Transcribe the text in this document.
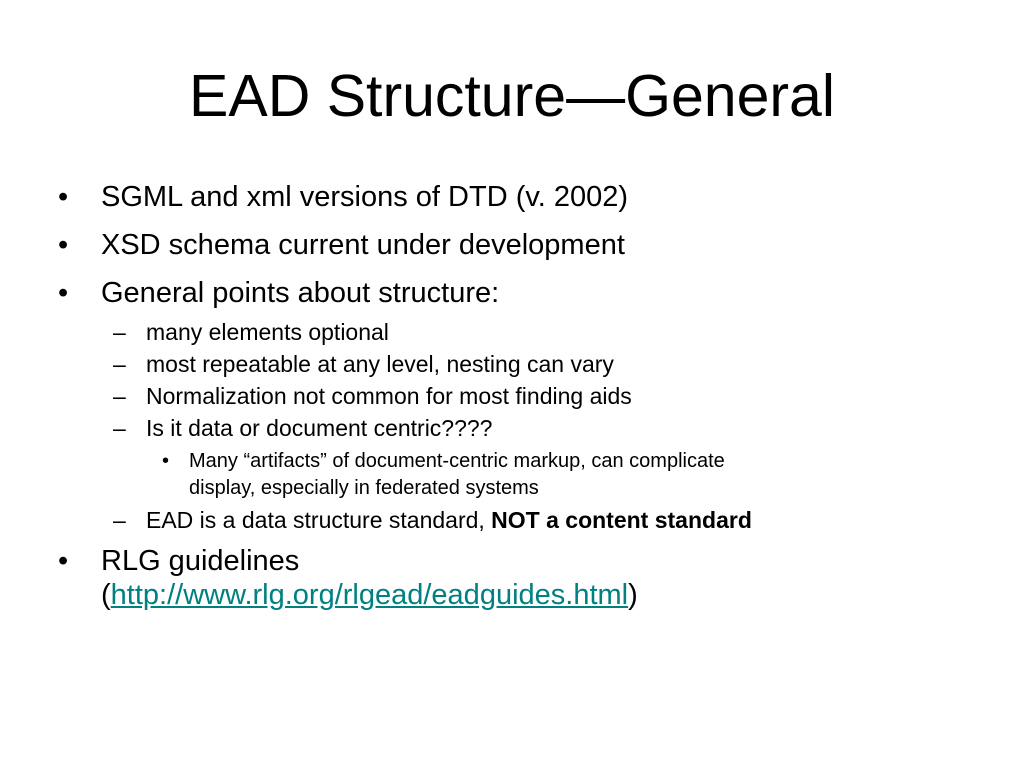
EAD Structure—General
•	SGML and xml versions of DTD (v. 2002)
•	XSD schema current under development
•	General points about structure:
– many elements optional
– most repeatable at any level, nesting can vary
– Normalization not common for most finding aids
– Is it data or document centric????
• Many “artifacts” of document-centric markup, can complicate
display, especially in federated systems
– EAD is a data structure standard, NOT a content standard
•	RLG guidelines
(http://www.rlg.org/rlgead/eadguides.html)
